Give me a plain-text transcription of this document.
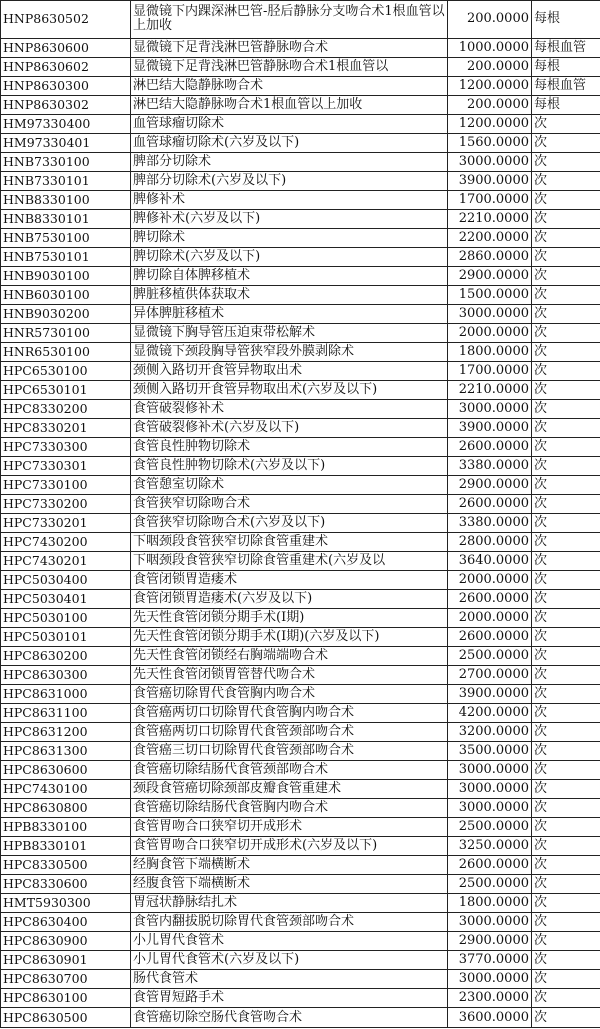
HNP8630502	显微镜下内踝深淋巴管-胫后静脉分支吻合术1根血管以上加收	200.0000	每根
HNP8630600	显微镜下足背浅淋巴管静脉吻合术	1000.0000	每根血管
HNP8630602	显微镜下足背浅淋巴管静脉吻合术1根血管以	200.0000	每根
HNP8630300	淋巴结大隐静脉吻合术	1200.0000	每根血管
HNP8630302	淋巴结大隐静脉吻合术1根血管以上加收	200.0000	每根
HM97330400	血管球瘤切除术	1200.0000	次
HM97330401	血管球瘤切除术(六岁及以下)	1560.0000	次
HNB7330100	脾部分切除术	3000.0000	次
HNB7330101	脾部分切除术(六岁及以下)	3900.0000	次
HNB8330100	脾修补术	1700.0000	次
HNB8330101	脾修补术(六岁及以下)	2210.0000	次
HNB7530100	脾切除术	2200.0000	次
HNB7530101	脾切除术(六岁及以下)	2860.0000	次
HNB9030100	脾切除自体脾移植术	2900.0000	次
HNB6030100	脾脏移植供体获取术	1500.0000	次
HNB9030200	异体脾脏移植术	3000.0000	次
HNR5730100	显微镜下胸导管压迫束带松解术	2000.0000	次
HNR6530100	显微镜下颈段胸导管狭窄段外膜剥除术	1800.0000	次
HPC6530100	颈侧入路切开食管异物取出术	1700.0000	次
HPC6530101	颈侧入路切开食管异物取出术(六岁及以下)	2210.0000	次
HPC8330200	食管破裂修补术	3000.0000	次
HPC8330201	食管破裂修补术(六岁及以下)	3900.0000	次
HPC7330300	食管良性肿物切除术	2600.0000	次
HPC7330301	食管良性肿物切除术(六岁及以下)	3380.0000	次
HPC7330100	食管憩室切除术	2900.0000	次
HPC7330200	食管狭窄切除吻合术	2600.0000	次
HPC7330201	食管狭窄切除吻合术(六岁及以下)	3380.0000	次
HPC7430200	下咽颈段食管狭窄切除食管重建术	2800.0000	次
HPC7430201	下咽颈段食管狭窄切除食管重建术(六岁及以	3640.0000	次
HPC5030400	食管闭锁胃造瘘术	2000.0000	次
HPC5030401	食管闭锁胃造瘘术(六岁及以下)	2600.0000	次
HPC5030100	先天性食管闭锁分期手术(I期)	2000.0000	次
HPC5030101	先天性食管闭锁分期手术(I期)(六岁及以下)	2600.0000	次
HPC8630200	先天性食管闭锁经右胸端端吻合术	2500.0000	次
HPC8630300	先天性食管闭锁胃管替代吻合术	2700.0000	次
HPC8631000	食管癌切除胃代食管胸内吻合术	3900.0000	次
HPC8631100	食管癌两切口切除胃代食管胸内吻合术	4200.0000	次
HPC8631200	食管癌两切口切除胃代食管颈部吻合术	3200.0000	次
HPC8631300	食管癌三切口切除胃代食管颈部吻合术	3500.0000	次
HPC8630600	食管癌切除结肠代食管颈部吻合术	3000.0000	次
HPC7430100	颈段食管癌切除颈部皮瓣食管重建术	3000.0000	次
HPC8630800	食管癌切除结肠代食管胸内吻合术	3000.0000	次
HPB8330100	食管胃吻合口狭窄切开成形术	2500.0000	次
HPB8330101	食管胃吻合口狭窄切开成形术(六岁及以下)	3250.0000	次
HPC8330500	经胸食管下端横断术	2600.0000	次
HPC8330600	经腹食管下端横断术	2500.0000	次
HMT5930300	胃冠状静脉结扎术	1800.0000	次
HPC8630400	食管内翻拔脱切除胃代食管颈部吻合术	3000.0000	次
HPC8630900	小儿胃代食管术	2900.0000	次
HPC8630901	小儿胃代食管术(六岁及以下)	3770.0000	次
HPC8630700	肠代食管术	3000.0000	次
HPC8630100	食管胃短路手术	2300.0000	次
HPC8630500	食管癌切除空肠代食管吻合术	3600.0000	次
